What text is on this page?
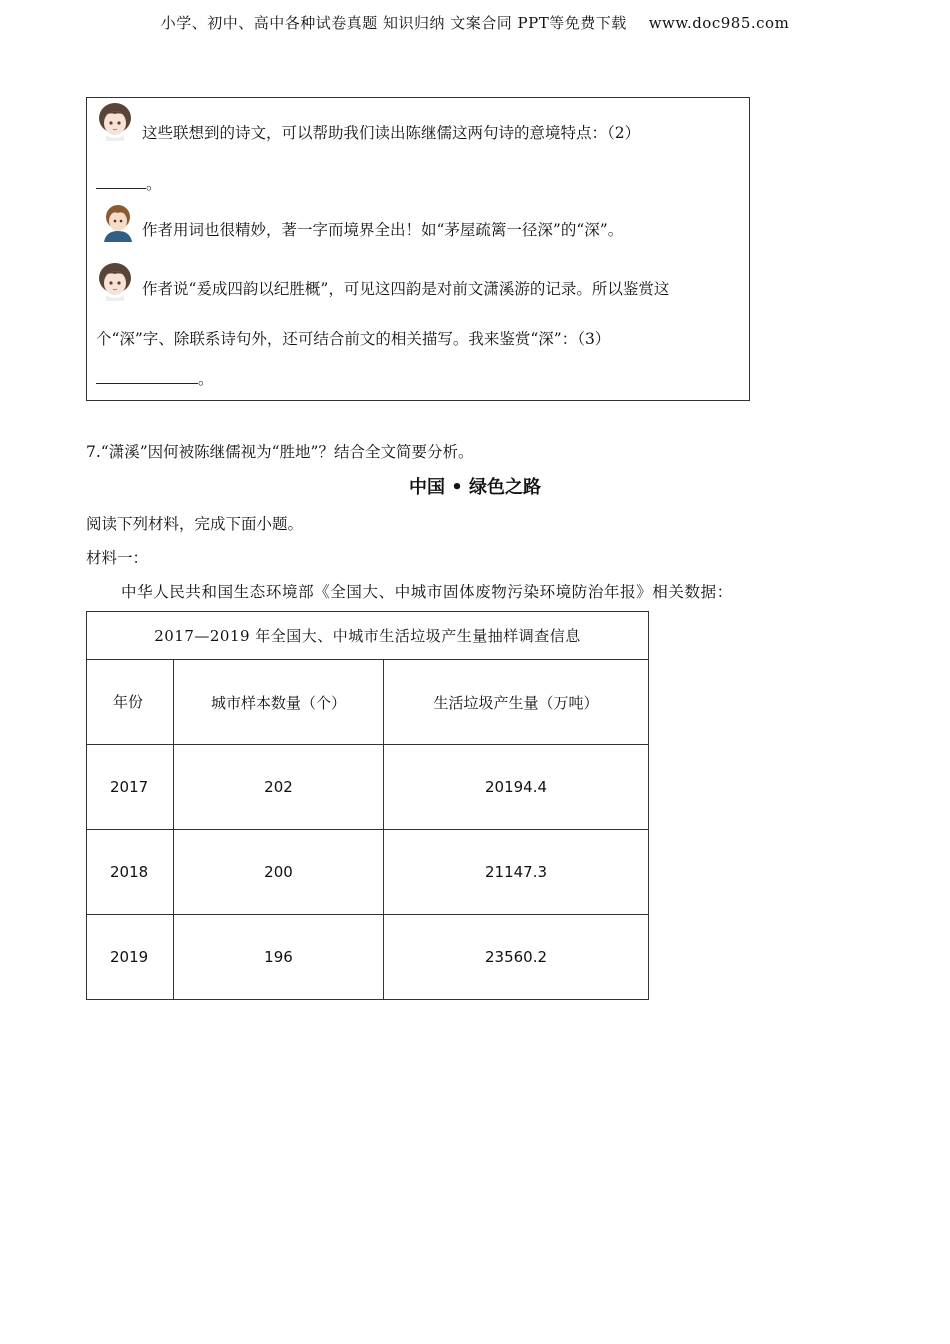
小学、初中、高中各种试卷真题 知识归纳 文案合同 PPT等免费下载 www.doc985.com
这些联想到的诗文，可以帮助我们读出陈继儒这两句诗的意境特点：（2）
。
作者用词也很精妙，著一字而境界全出！如“茅屋疏篱一径深”的“深”。
作者说“爰成四韵以纪胜概”，可见这四韵是对前文潇溪游的记录。所以鉴赏这
个“深”字、除联系诗句外，还可结合前文的相关描写。我来鉴赏“深”：（3）
。
7.“潇溪”因何被陈继儒视为“胜地”？结合全文简要分析。
中国 • 绿色之路
阅读下列材料，完成下面小题。
材料一：
中华人民共和国生态环境部《全国大、中城市固体废物污染环境防治年报》相关数据：
2017—2019 年全国大、中城市生活垃圾产生量抽样调查信息		
年份	城市样本数量（个）	生活垃圾产生量（万吨）
2017	202	20194.4
2018	200	21147.3
2019	196	23560.2
